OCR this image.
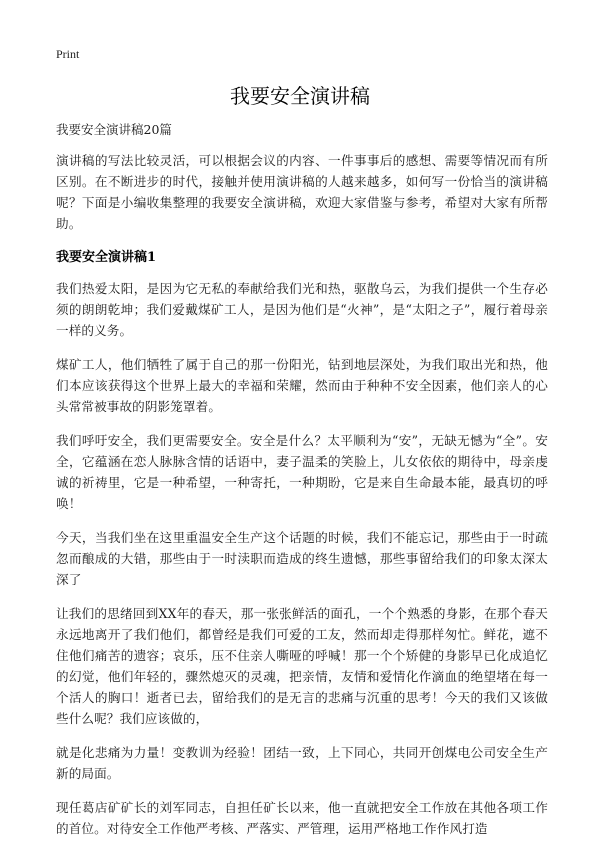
Print
我要安全演讲稿
我要安全演讲稿20篇

演讲稿的写法比较灵活，可以根据会议的内容、一件事事后的感想、需要等情况而有所区别。在不断进步的时代，接触并使用演讲稿的人越来越多，如何写一份恰当的演讲稿呢？下面是小编收集整理的我要安全演讲稿，欢迎大家借鉴与参考，希望对大家有所帮助。

我要安全演讲稿1

我们热爱太阳，是因为它无私的奉献给我们光和热，驱散乌云，为我们提供一个生存必须的朗朗乾坤；我们爱戴煤矿工人，是因为他们是“火神”，是“太阳之子”，履行着母亲一样的义务。

煤矿工人，他们牺牲了属于自己的那一份阳光，钻到地层深处，为我们取出光和热，他们本应该获得这个世界上最大的幸福和荣耀，然而由于种种不安全因素，他们亲人的心头常常被事故的阴影笼罩着。

我们呼吁安全，我们更需要安全。安全是什么？太平顺利为“安”，无缺无憾为“全”。安全，它蕴涵在恋人脉脉含情的话语中，妻子温柔的笑脸上，儿女依依的期待中，母亲虔诚的祈祷里，它是一种希望，一种寄托，一种期盼，它是来自生命最本能，最真切的呼唤！

今天，当我们坐在这里重温安全生产这个话题的时候，我们不能忘记，那些由于一时疏忽而酿成的大错，那些由于一时渎职而造成的终生遗憾，那些事留给我们的印象太深太深了

让我们的思绪回到XX年的春天，那一张张鲜活的面孔，一个个熟悉的身影，在那个春天永远地离开了我们他们，都曾经是我们可爱的工友，然而却走得那样匆忙。鲜花，遮不住他们痛苦的遗容；哀乐，压不住亲人嘶哑的呼喊！那一个个矫健的身影早已化成追忆的幻觉，他们年轻的，骤然熄灭的灵魂，把亲情，友情和爱情化作滴血的绝望堵在每一个活人的胸口！逝者已去，留给我们的是无言的悲痛与沉重的思考！今天的我们又该做些什么呢？我们应该做的，

就是化悲痛为力量！变教训为经验！团结一致，上下同心，共同开创煤电公司安全生产新的局面。

现任葛店矿矿长的刘军同志，自担任矿长以来，他一直就把安全工作放在其他各项工作的首位。对待安全工作他严考核、严落实、严管理，运用严格地工作作风打造
